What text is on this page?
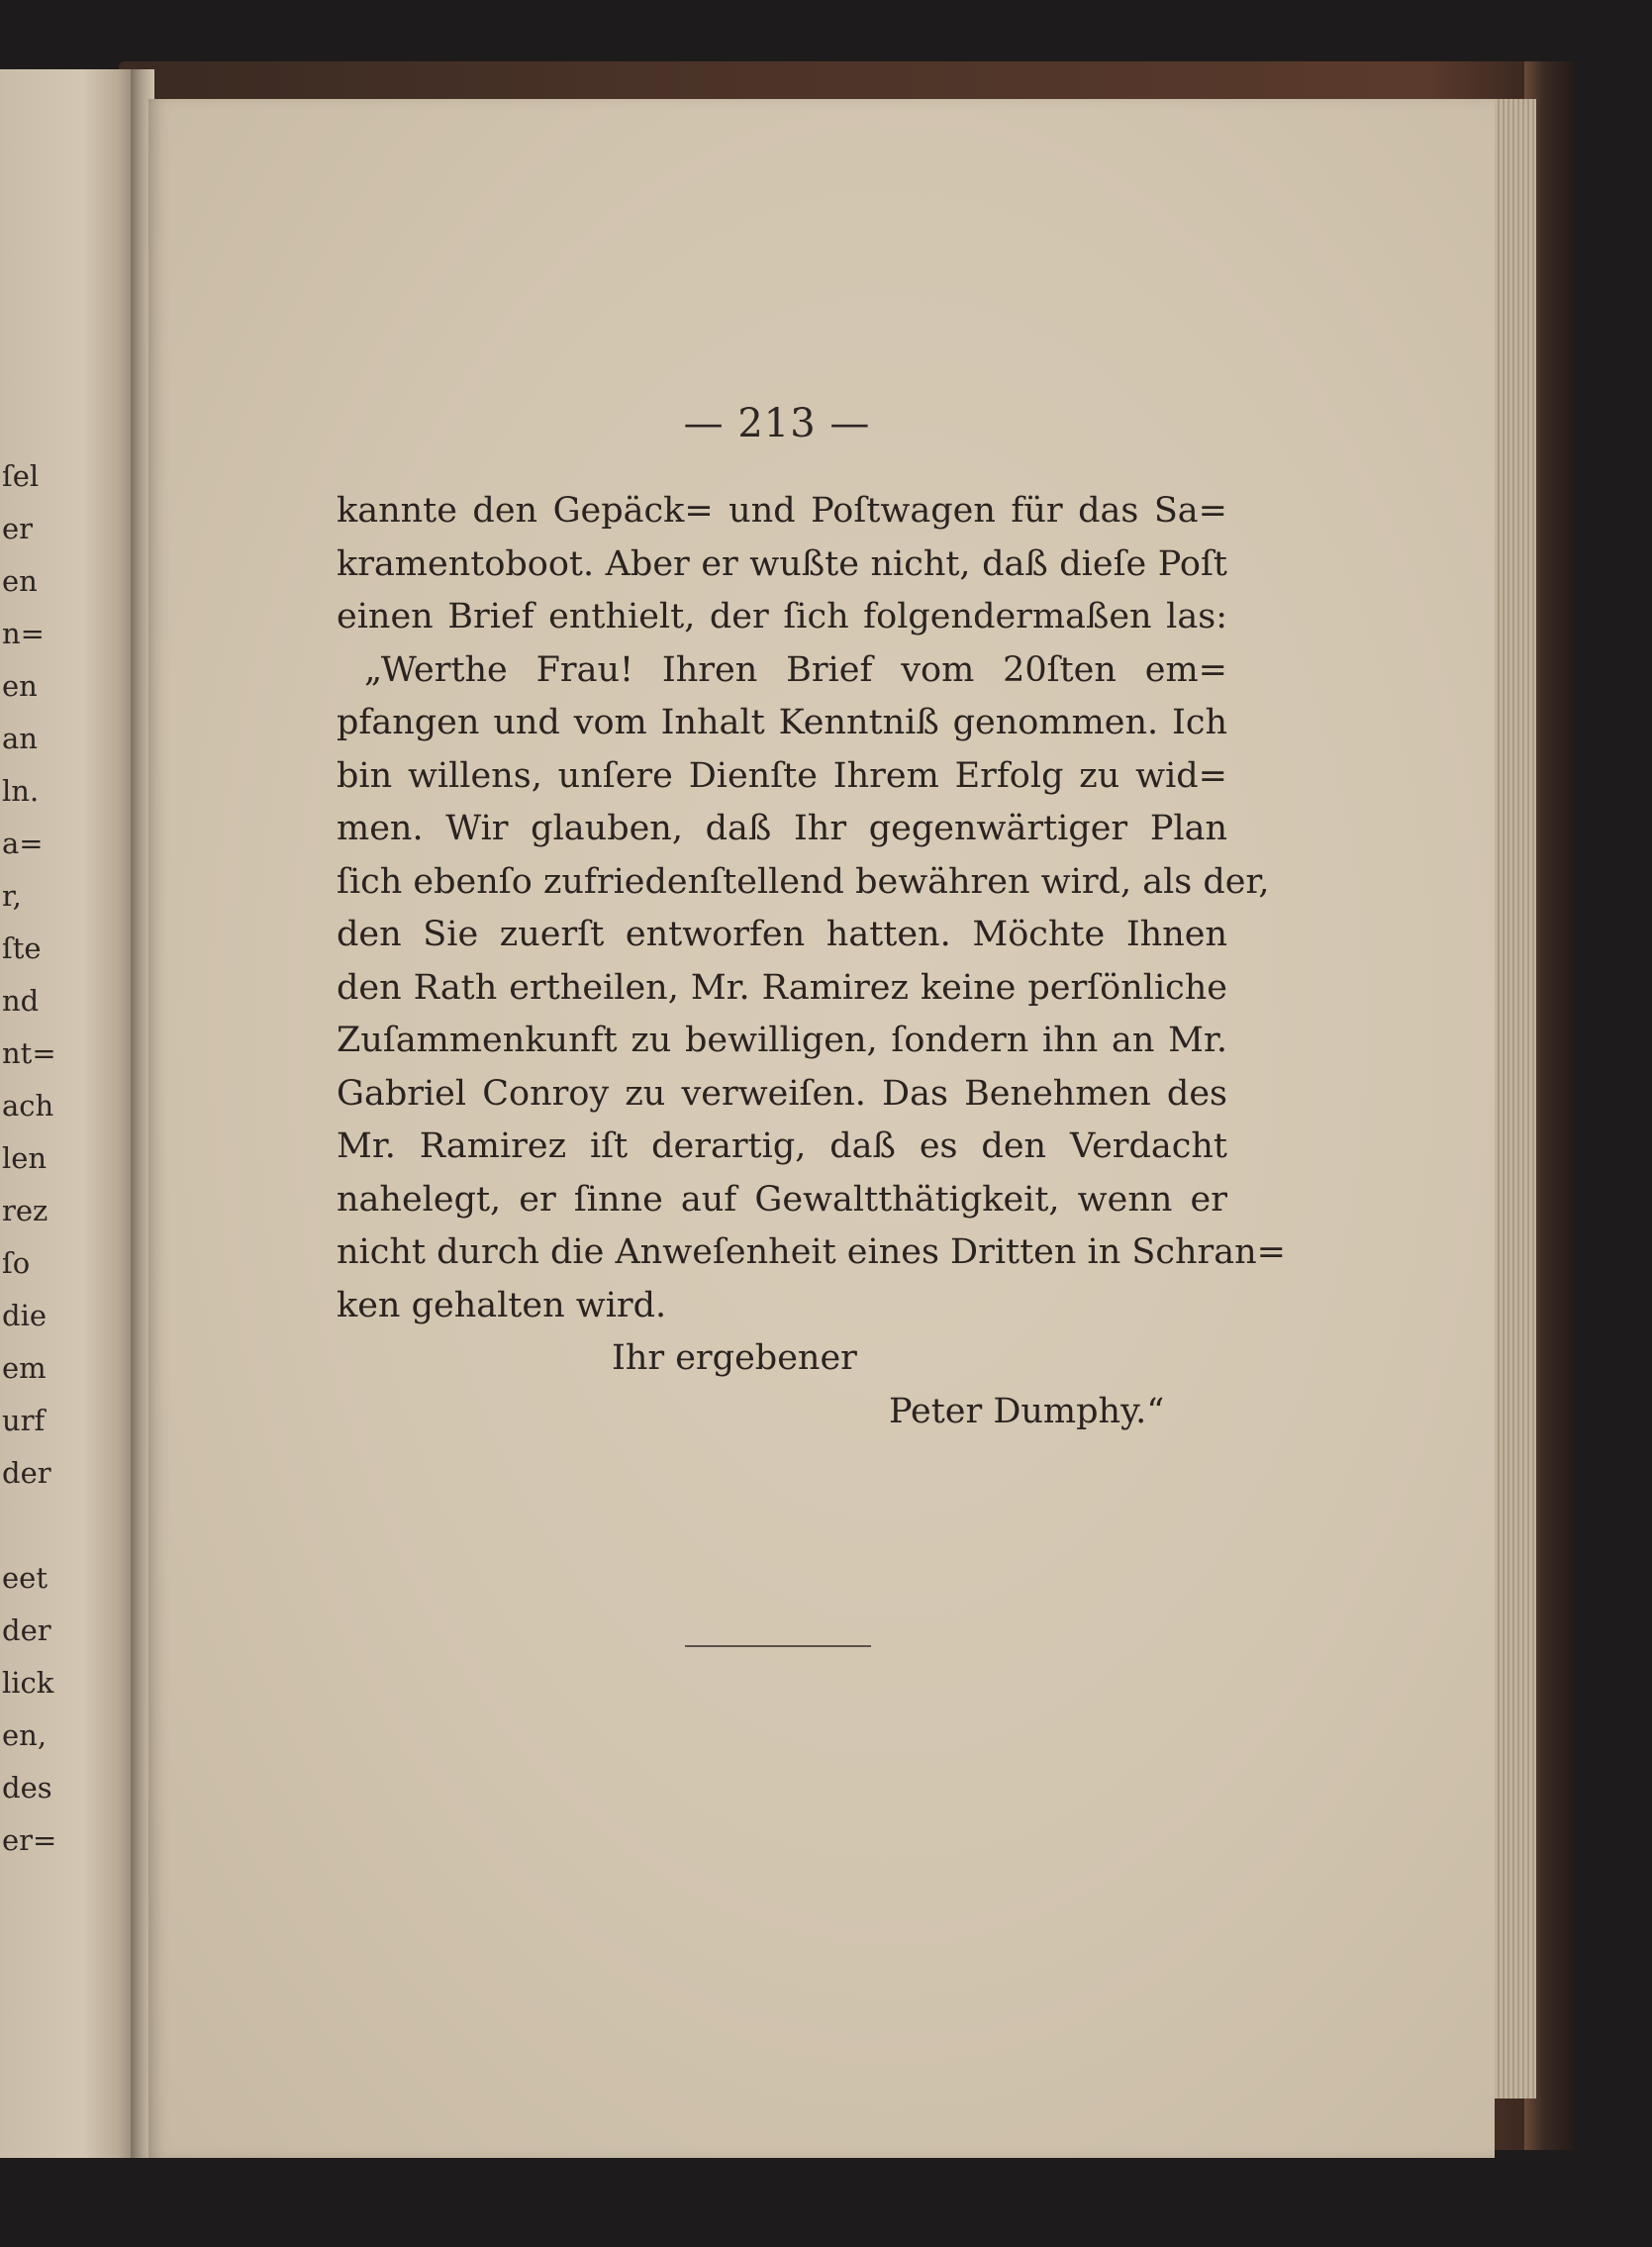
ſel
er
en
n=
en
an
ln.
a=
r,
ſte
nd
nt=
ach
len
rez
ſo
die
em
urf
der
eet
der
lick
en,
des
er=
— 213 —
kannte den Gepäck= und Poſtwagen für das Sa=
kramentoboot. Aber er wußte nicht, daß dieſe Poſt
einen Brief enthielt, der ſich folgendermaßen las:
„Werthe Frau! Ihren Brief vom 20ſten em=
pfangen und vom Inhalt Kenntniß genommen. Ich
bin willens, unſere Dienſte Ihrem Erfolg zu wid=
men. Wir glauben, daß Ihr gegenwärtiger Plan
ſich ebenſo zufriedenſtellend bewähren wird, als der,
den Sie zuerſt entworfen hatten. Möchte Ihnen
den Rath ertheilen, Mr. Ramirez keine perſönliche
Zuſammenkunft zu bewilligen, ſondern ihn an Mr.
Gabriel Conroy zu verweiſen. Das Benehmen des
Mr. Ramirez iſt derartig, daß es den Verdacht
nahelegt, er ſinne auf Gewaltthätigkeit, wenn er
nicht durch die Anweſenheit eines Dritten in Schran=
ken gehalten wird.
Ihr ergebener
Peter Dumphy.“
